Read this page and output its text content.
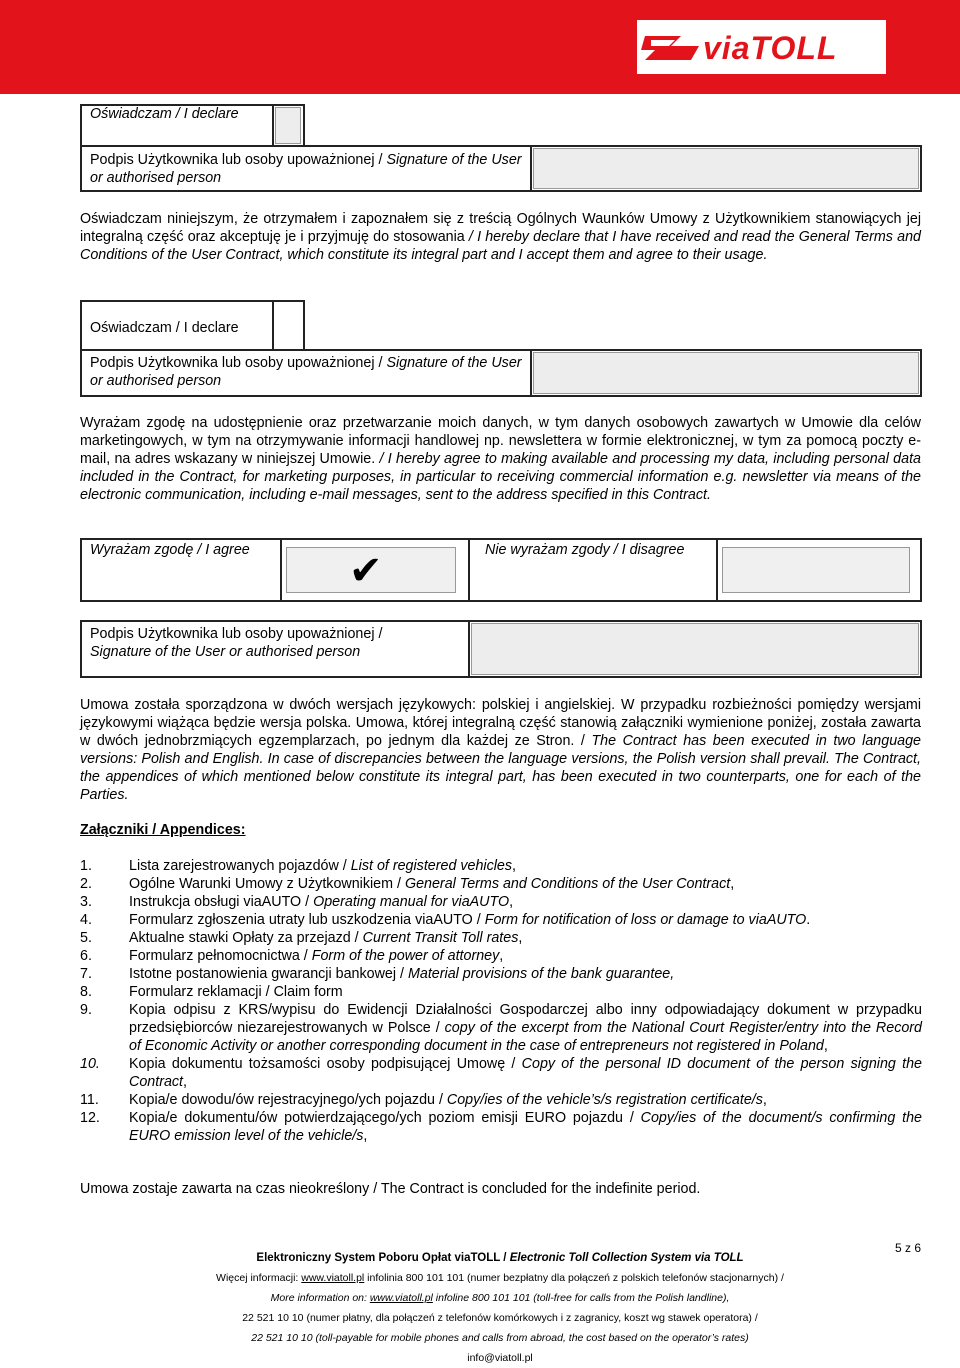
viaTOLL
Oświadczam / I declare
Podpis Użytkownika lub osoby upoważnionej / Signature of the User or authorised person
Oświadczam niniejszym, że otrzymałem i zapoznałem się z treścią Ogólnych Waunków Umowy z Użytkownikiem stanowiących jej integralną część oraz akceptuję je i przyjmuję do stosowania / I hereby declare that I have received and read the General Terms and Conditions of the User Contract, which constitute its integral part and I accept them and agree to their usage.
Oświadczam / I declare
Podpis Użytkownika lub osoby upoważnionej / Signature of the User or authorised person
Wyrażam zgodę na udostępnienie oraz przetwarzanie moich danych, w tym danych osobowych zawartych w Umowie dla celów marketingowych, w tym na otrzymywanie informacji handlowej np. newslettera w formie elektronicznej, w tym za pomocą poczty e-mail, na adres wskazany w niniejszej Umowie. / I hereby agree to making available and processing my data, including personal data included in the Contract, for marketing purposes, in particular to receiving commercial information e.g. newsletter via means of the electronic communication, including e-mail messages, sent to the address specified in this Contract.
Wyrażam zgodę / I agree ✔	Nie wyrażam zgody / I disagree
Podpis Użytkownika lub osoby upoważnionej /
Signature of the User or authorised person
Umowa została sporządzona w dwóch wersjach językowych: polskiej i angielskiej. W przypadku rozbieżności pomiędzy wersjami językowymi wiążąca będzie wersja polska. Umowa, której integralną część stanowią załączniki wymienione poniżej, została zawarta w dwóch jednobrzmiących egzemplarzach, po jednym dla każdej ze Stron. / The Contract has been executed in two language versions: Polish and English. In case of discrepancies between the language versions, the Polish version shall prevail. The Contract, the appendices of which mentioned below constitute its integral part, has been executed in two counterparts, one for each of the Parties.
Załączniki / Appendices:
1.	Lista zarejestrowanych pojazdów / List of registered vehicles,
2.	Ogólne Warunki Umowy z Użytkownikiem / General Terms and Conditions of the User Contract,
3.	Instrukcja obsługi viaAUTO / Operating manual for viaAUTO,
4.	Formularz zgłoszenia utraty lub uszkodzenia viaAUTO / Form for notification of loss or damage to viaAUTO.
5.	Aktualne stawki Opłaty za przejazd / Current Transit Toll rates,
6.	Formularz pełnomocnictwa / Form of the power of attorney,
7.	Istotne postanowienia gwarancji bankowej / Material provisions of the bank guarantee,
8.	Formularz reklamacji / Claim form
9.	Kopia odpisu z KRS/wypisu do Ewidencji Działalności Gospodarczej albo inny odpowiadający dokument w przypadku przedsiębiorców niezarejestrowanych w Polsce / copy of the excerpt from the National Court Register/entry into the Record of Economic Activity or another corresponding document in the case of entrepreneurs not registered in Poland,
10. Kopia dokumentu tożsamości osoby podpisującej Umowę / Copy of the personal ID document of the person signing the Contract,
11. Kopia/e dowodu/ów rejestracyjnego/ych pojazdu / Copy/ies of the vehicle’s/s registration certificate/s,
12. Kopia/e dokumentu/ów potwierdzającego/ych poziom emisji EURO pojazdu / Copy/ies of the document/s confirming the EURO emission level of the vehicle/s,
Umowa zostaje zawarta na czas nieokreślony / The Contract is concluded for the indefinite period.
5 z 6
Elektroniczny System Poboru Opłat viaTOLL / Electronic Toll Collection System via TOLL
Więcej informacji: www.viatoll.pl infolinia 800 101 101 (numer bezpłatny dla połączeń z polskich telefonów stacjonarnych) /
More information on: www.viatoll.pl infoline 800 101 101 (toll-free for calls from the Polish landline),
22 521 10 10 (numer płatny, dla połączeń z telefonów komórkowych i z zagranicy, koszt wg stawek operatora) /
22 521 10 10 (toll-payable for mobile phones and calls from abroad, the cost based on the operator’s rates)
info@viatoll.pl
